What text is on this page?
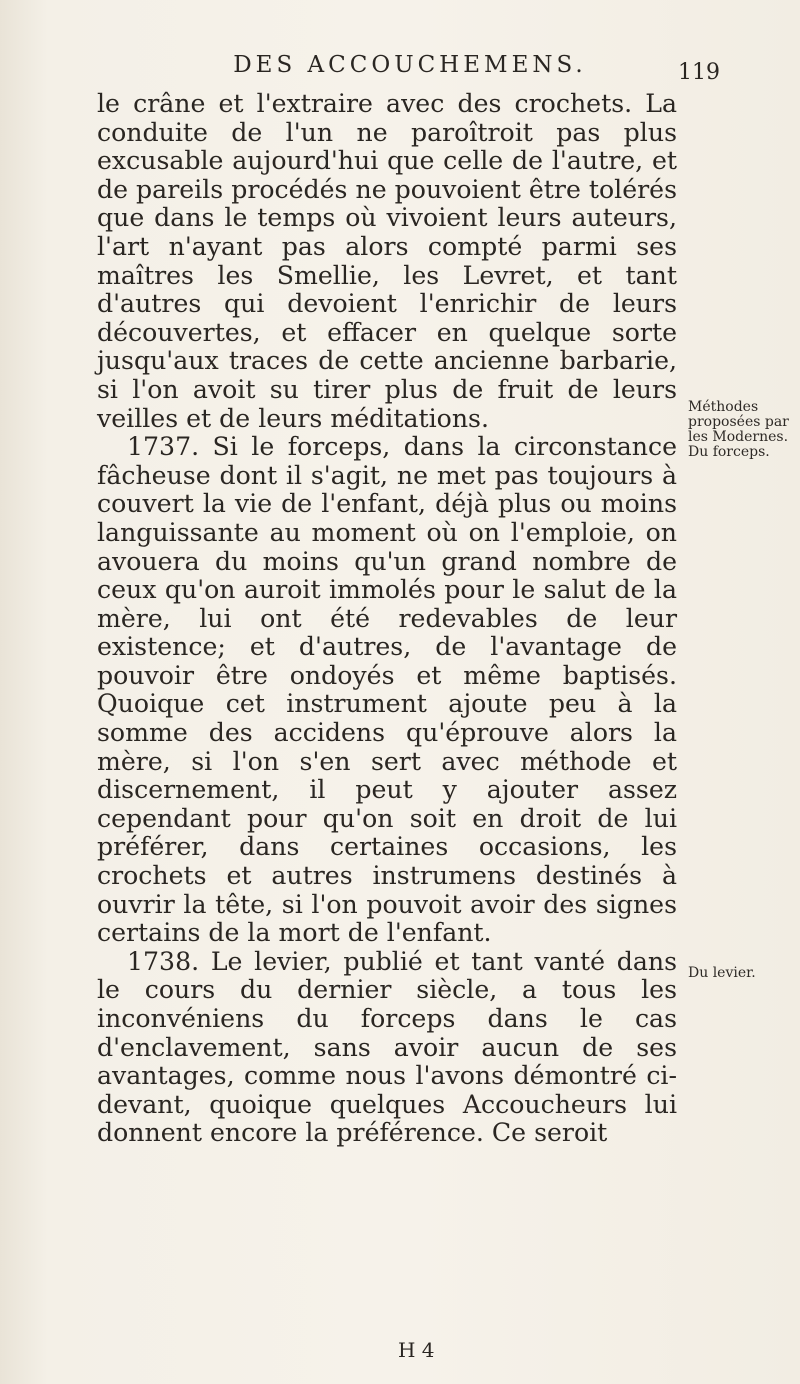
DES ACCOUCHEMENS.	119

le crâne et l'extraire avec des crochets. La conduite de l'un ne paroîtroit pas plus excusable aujourd'hui que celle de l'autre, et de pareils procédés ne pouvoient être tolérés que dans le temps où vivoient leurs auteurs, l'art n'ayant pas alors compté parmi ses maîtres les Smellie, les Levret, et tant d'autres qui devoient l'enrichir de leurs découvertes, et effacer en quelque sorte jusqu'aux traces de cette ancienne barbarie, si l'on avoit su tirer plus de fruit de leurs veilles et de leurs méditations.

1737. Si le forceps, dans la circonstance fâcheuse dont il s'agit, ne met pas toujours à couvert la vie de l'enfant, déjà plus ou moins languissante au moment où on l'emploie, on avouera du moins qu'un grand nombre de ceux qu'on auroit immolés pour le salut de la mère, lui ont été redevables de leur existence; et d'autres, de l'avantage de pouvoir être ondoyés et même baptisés. Quoique cet instrument ajoute peu à la somme des accidens qu'éprouve alors la mère, si l'on s'en sert avec méthode et discernement, il peut y ajouter assez cependant pour qu'on soit en droit de lui préférer, dans certaines occasions, les crochets et autres instrumens destinés à ouvrir la tête, si l'on pouvoit avoir des signes certains de la mort de l'enfant.

1738. Le levier, publié et tant vanté dans le cours du dernier siècle, a tous les inconvéniens du forceps dans le cas d'enclavement, sans avoir aucun de ses avantages, comme nous l'avons démontré ci-devant, quoique quelques Accoucheurs lui donnent encore la préférence. Ce seroit

Méthodes proposées par les Modernes. Du forceps.
Du levier.
H 4
